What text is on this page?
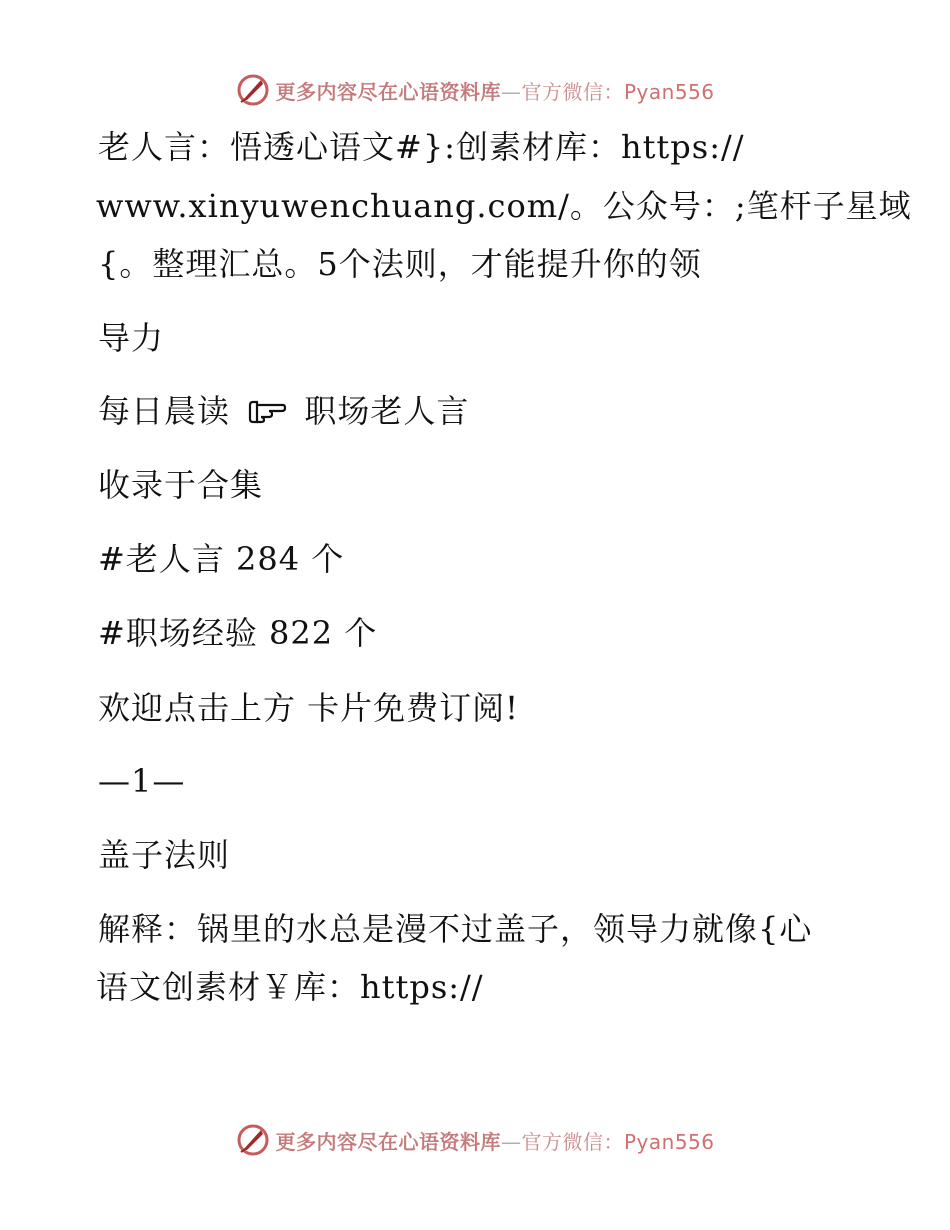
更多内容尽在心语资料库—官方微信：Pyan556
老人言：悟透心语文#}:创素材库：https://
www.xinyuwenchuang.com/。公众号：;笔杆子星域
{。整理汇总。5个法则，才能提升你的领
导力
每日晨读  职场老人言
收录于合集
#老人言 284 个
#职场经验 822 个
欢迎点击上方 卡片免费订阅!
—1—
盖子法则
解释：锅里的水总是漫不过盖子，领导力就像{心
语文创素材￥库：https://
更多内容尽在心语资料库—官方微信：Pyan556
